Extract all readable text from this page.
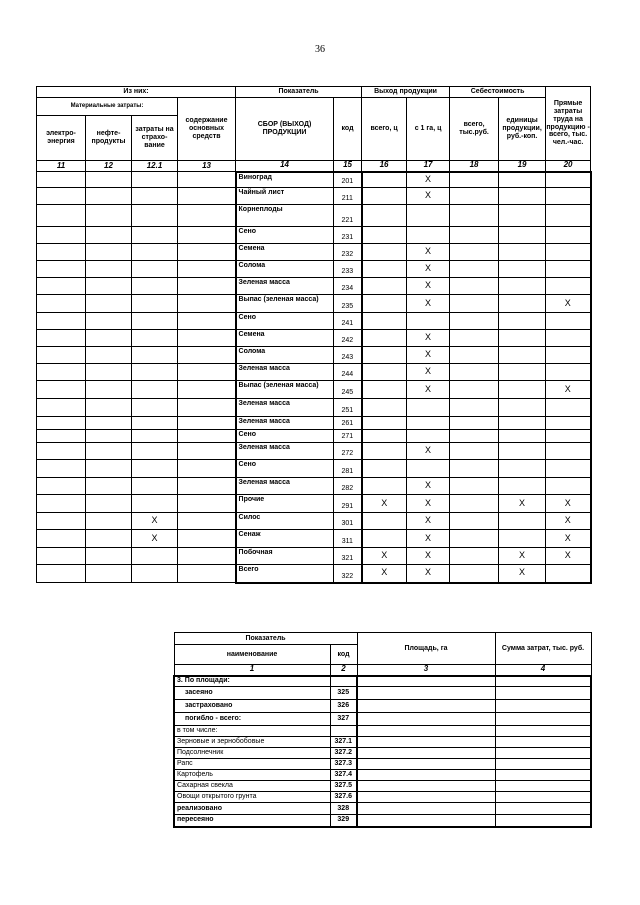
36
Из них:				Показатель		Выход продукции		Себестоимость		Прямые затраты труда на продукцию - всего, тыс. чел.-час.
Материальные затраты:			содержание основных средств	СБОР (ВЫХОД) ПРОДУКЦИИ	код	всего, ц	с 1 га, ц	всего, тыс.руб.	единицы продукции, руб.-коп.	
электро-энергия	нефте-продукты	затраты на страхо-вание								
11	12	12.1	13	14	15	16	17	18	19	20
				Виноград	201		X			
				Чайный лист	211		X			
				Корнеплоды	221					
				Сено	231					
				Семена	232		X			
				Солома	233		X			
				Зеленая масса	234		X			
				Выпас (зеленая масса)	235		X			X
				Сено	241					
				Семена	242		X			
				Солома	243		X			
				Зеленая масса	244		X			
				Выпас (зеленая масса)	245		X			X
				Зеленая масса	251					
				Зеленая масса	261					
				Сено	271					
				Зеленая масса	272		X			
				Сено	281					
				Зеленая масса	282		X			
				Прочие	291	X	X		X	X
		X		Силос	301		X			X
		X		Сенаж	311		X			X
				Побочная	321	X	X		X	X
				Всего	322	X	X		X	
Показатель		Площадь, га	Сумма затрат, тыс. руб.
наименование	код		
1	2	3	4
3. По площади:			
засеяно	325		
застраховано	326		
погибло - всего:	327		
в том числе:			
Зерновые и зернобобовые	327.1		
Подсолнечник	327.2		
Рапс	327.3		
Картофель	327.4		
Сахарная свекла	327.5		
Овощи открытого грунта	327.6		
реализовано	328		
пересеяно	329		
